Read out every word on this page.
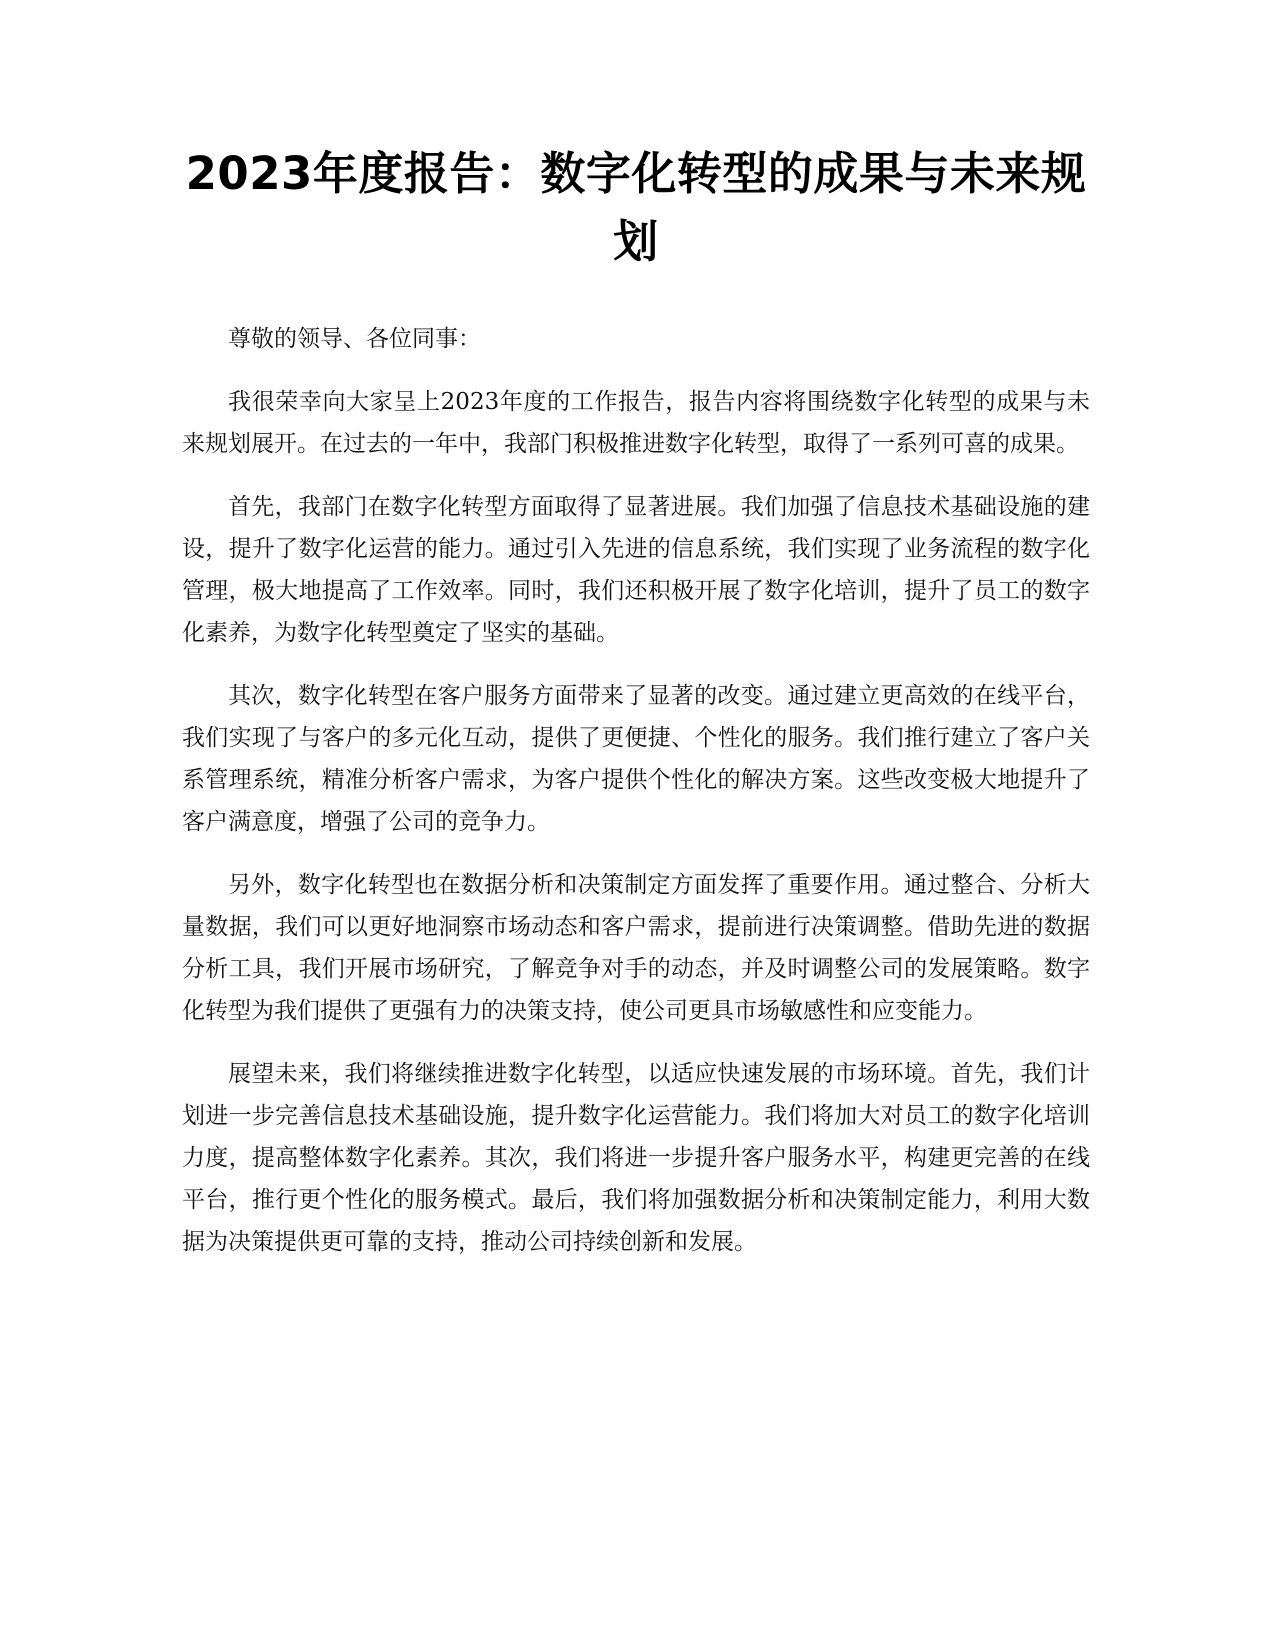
2023年度报告：数字化转型的成果与未来规划

尊敬的领导、各位同事：

我很荣幸向大家呈上2023年度的工作报告，报告内容将围绕数字化转型的成果与未来规划展开。在过去的一年中，我部门积极推进数字化转型，取得了一系列可喜的成果。

首先，我部门在数字化转型方面取得了显著进展。我们加强了信息技术基础设施的建设，提升了数字化运营的能力。通过引入先进的信息系统，我们实现了业务流程的数字化管理，极大地提高了工作效率。同时，我们还积极开展了数字化培训，提升了员工的数字化素养，为数字化转型奠定了坚实的基础。

其次，数字化转型在客户服务方面带来了显著的改变。通过建立更高效的在线平台，我们实现了与客户的多元化互动，提供了更便捷、个性化的服务。我们推行建立了客户关系管理系统，精准分析客户需求，为客户提供个性化的解决方案。这些改变极大地提升了客户满意度，增强了公司的竞争力。

另外，数字化转型也在数据分析和决策制定方面发挥了重要作用。通过整合、分析大量数据，我们可以更好地洞察市场动态和客户需求，提前进行决策调整。借助先进的数据分析工具，我们开展市场研究，了解竞争对手的动态，并及时调整公司的发展策略。数字化转型为我们提供了更强有力的决策支持，使公司更具市场敏感性和应变能力。

展望未来，我们将继续推进数字化转型，以适应快速发展的市场环境。首先，我们计划进一步完善信息技术基础设施，提升数字化运营能力。我们将加大对员工的数字化培训力度，提高整体数字化素养。其次，我们将进一步提升客户服务水平，构建更完善的在线平台，推行更个性化的服务模式。最后，我们将加强数据分析和决策制定能力，利用大数据为决策提供更可靠的支持，推动公司持续创新和发展。
